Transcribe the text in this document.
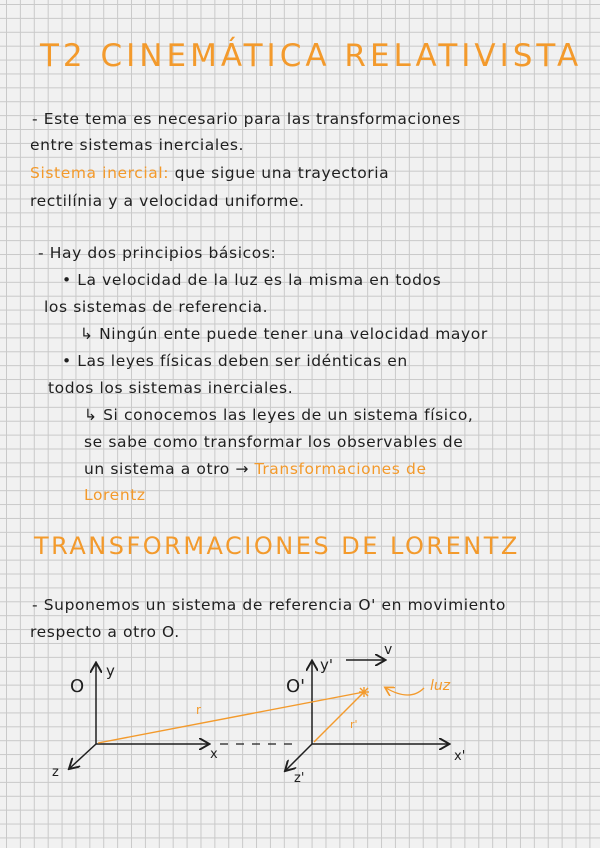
T2 CINEMÁTICA RELATIVISTA
- Este tema es necesario para las transformaciones
entre sistemas inerciales.
Sistema inercial: que sigue una trayectoria
rectilínia y a velocidad uniforme.
- Hay dos principios básicos:
• La velocidad de la luz es la misma en todos
los sistemas de referencia.
↳ Ningún ente puede tener una velocidad mayor
• Las leyes físicas deben ser idénticas en
todos los sistemas inerciales.
↳ Si conocemos las leyes de un sistema físico,
se sabe como transformar los observables de
un sistema a otro → Transformaciones de
Lorentz
TRANSFORMACIONES DE LORENTZ
- Suponemos un sistema de referencia O' en movimiento
respecto a otro O.
O
y
x
z
O'
y'
x'
z'
v
r
r'
luz
